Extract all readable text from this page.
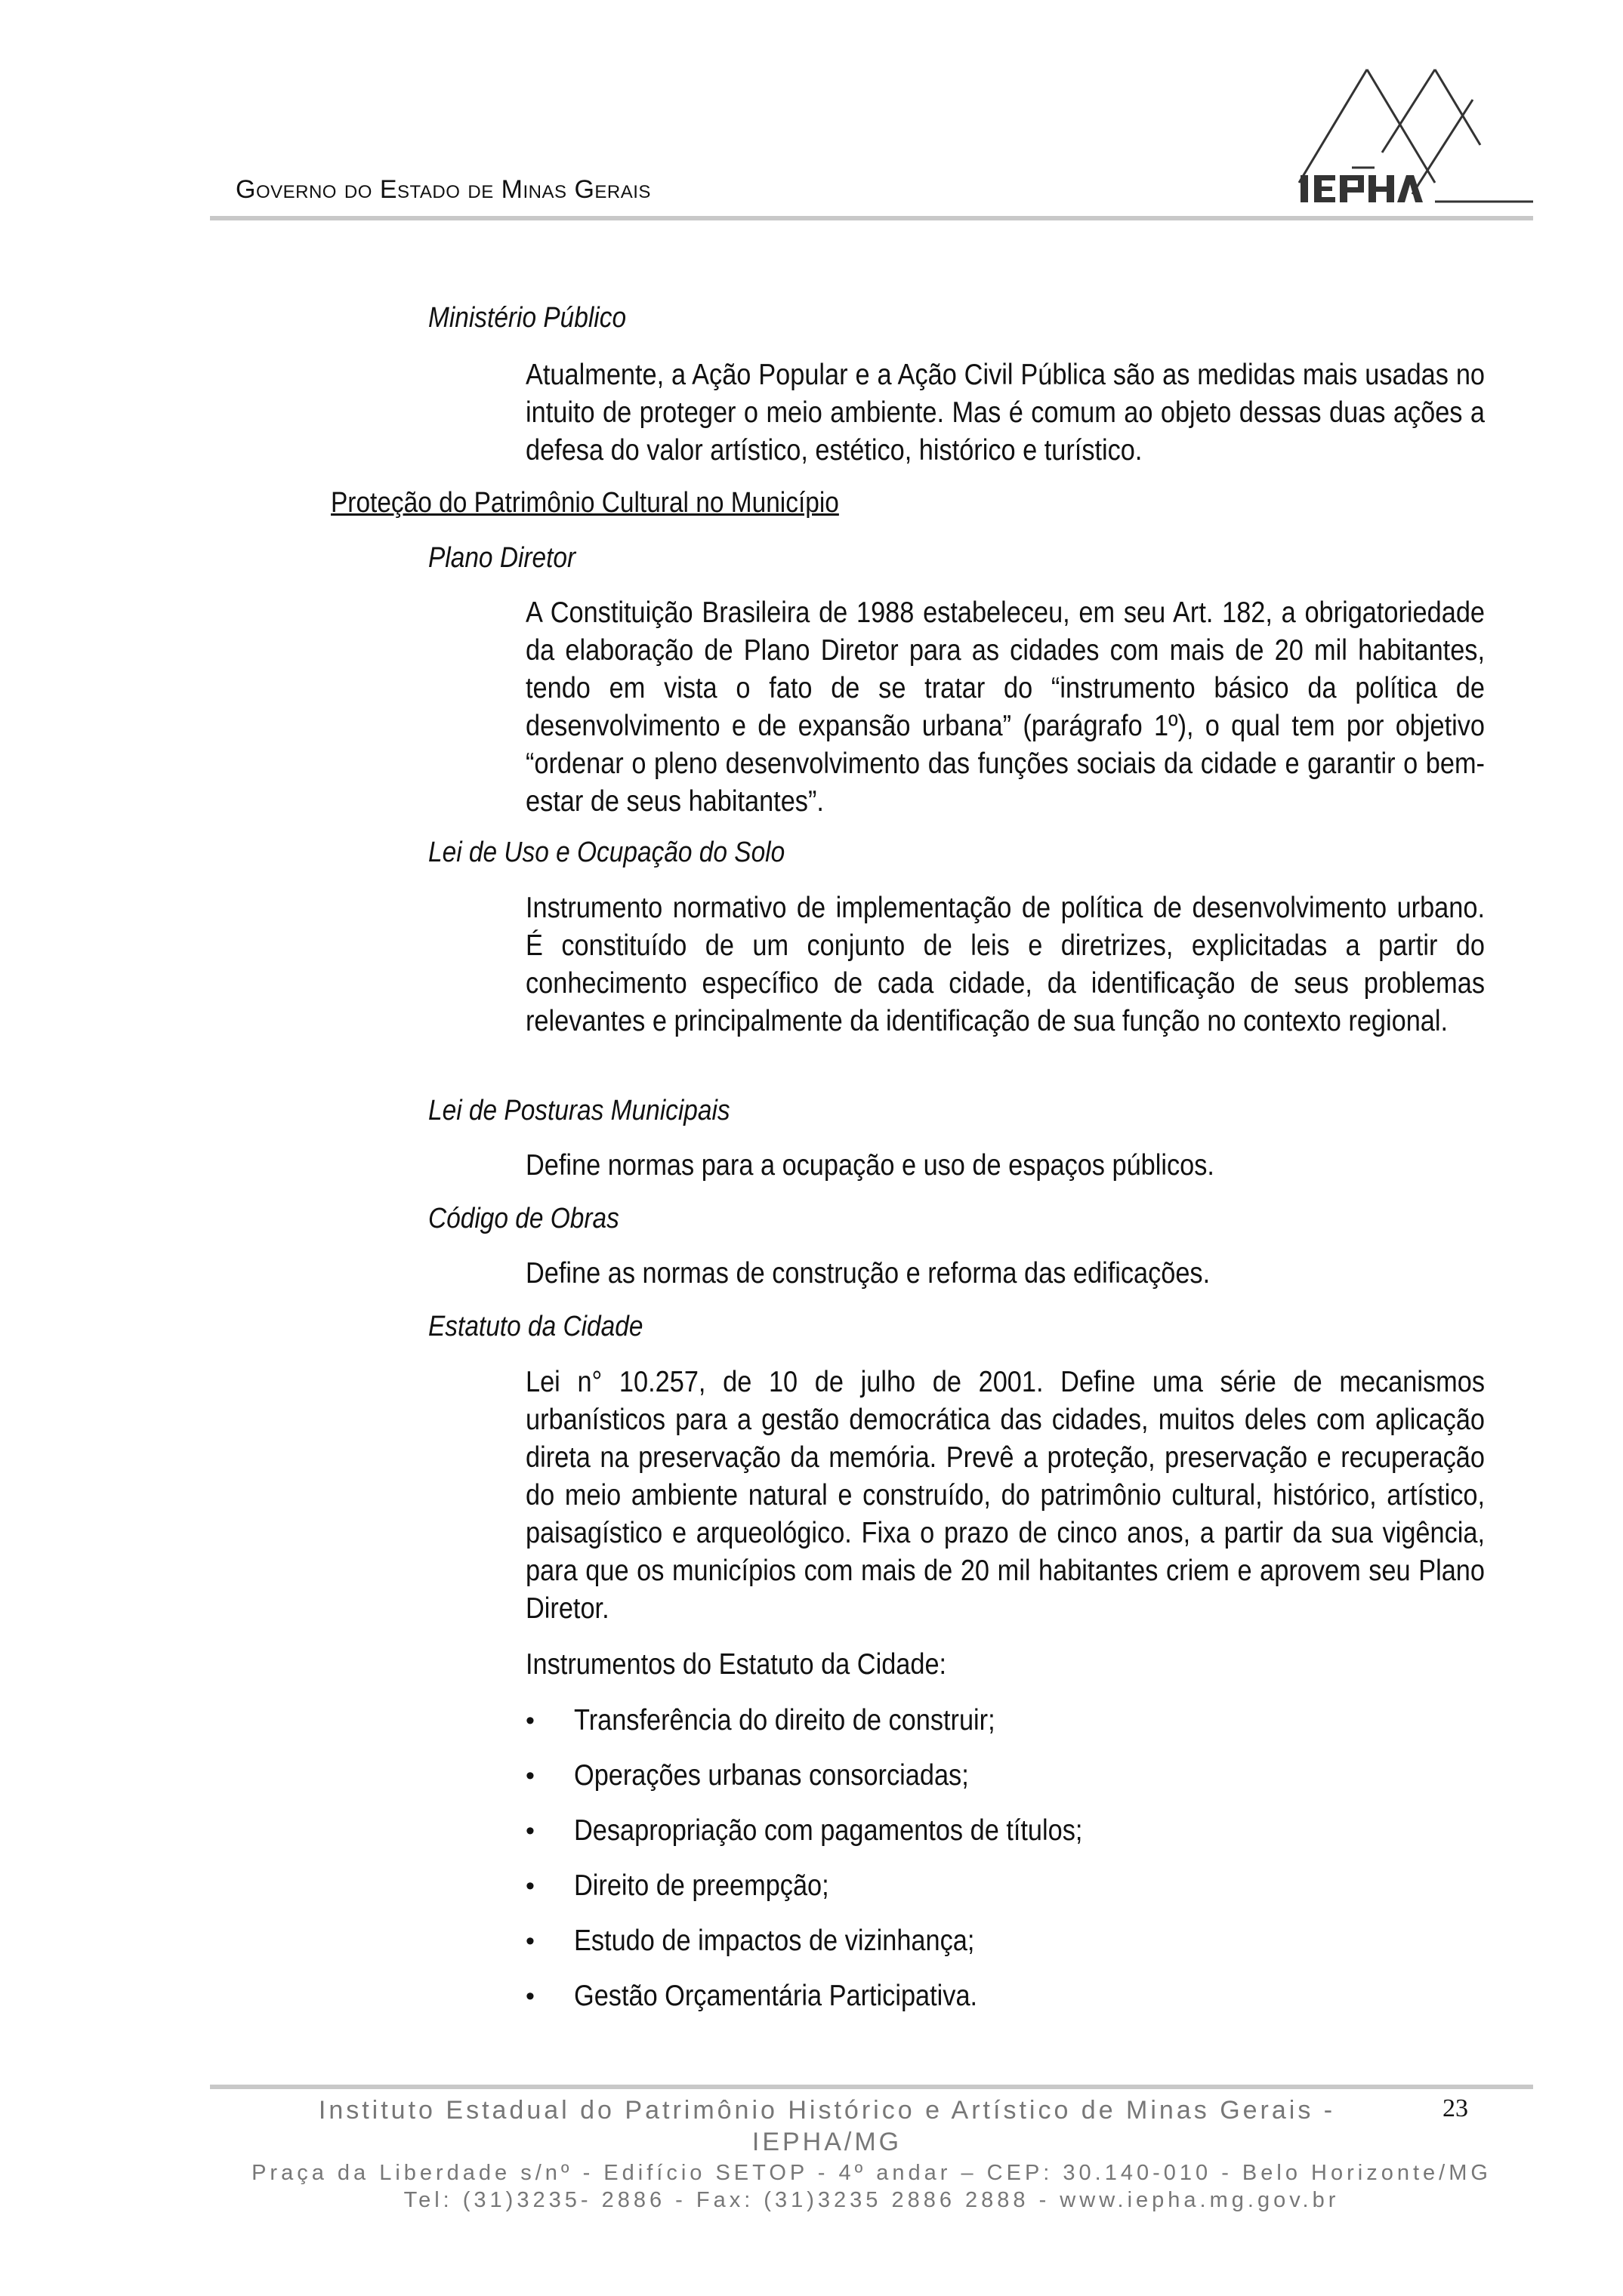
Governo do Estado de Minas Gerais
Ministério Público
Atualmente, a Ação Popular e a Ação Civil Pública são as medidas mais usadas no intuito de proteger o meio ambiente. Mas é comum ao objeto dessas duas ações a defesa do valor artístico, estético, histórico e turístico.
Proteção do Patrimônio Cultural no Município
Plano Diretor
A Constituição Brasileira de 1988 estabeleceu, em seu Art. 182, a obrigatoriedade da elaboração de Plano Diretor para as cidades com mais de 20 mil habitantes, tendo em vista o fato de se tratar do “instrumento básico da política de desenvolvimento e de expansão urbana” (parágrafo 1º), o qual tem por objetivo “ordenar o pleno desenvolvimento das funções sociais da cidade e garantir o bem-estar de seus habitantes”.
Lei de Uso e Ocupação do Solo
Instrumento normativo de implementação de política de desenvolvimento urbano. É constituído de um conjunto de leis e diretrizes, explicitadas a partir do conhecimento específico de cada cidade, da identificação de seus problemas relevantes e principalmente da identificação de sua função no contexto regional.
Lei de Posturas Municipais
Define normas para a ocupação e uso de espaços públicos.
Código de Obras
Define as normas de construção e reforma das edificações.
Estatuto da Cidade
Lei n° 10.257, de 10 de julho de 2001. Define uma série de mecanismos urbanísticos para a gestão democrática das cidades, muitos deles com aplicação direta na preservação da memória. Prevê a proteção, preservação e recuperação do meio ambiente natural e construído, do patrimônio cultural, histórico, artístico, paisagístico e arqueológico. Fixa o prazo de cinco anos, a partir da sua vigência, para que os municípios com mais de 20 mil habitantes criem e aprovem seu Plano Diretor.
Instrumentos do Estatuto da Cidade:
•	Transferência do direito de construir;
•	Operações urbanas consorciadas;
•	Desapropriação com pagamentos de títulos;
•	Direito de preempção;
•	Estudo de impactos de vizinhança;
•	Gestão Orçamentária Participativa.
Instituto Estadual do Patrimônio Histórico e Artístico de Minas Gerais -
IEPHA/MG
23
Praça da Liberdade s/nº - Edifício SETOP - 4º andar – CEP: 30.140-010 - Belo Horizonte/MG
Tel: (31)3235- 2886 - Fax: (31)3235 2886 2888 - www.iepha.mg.gov.br
